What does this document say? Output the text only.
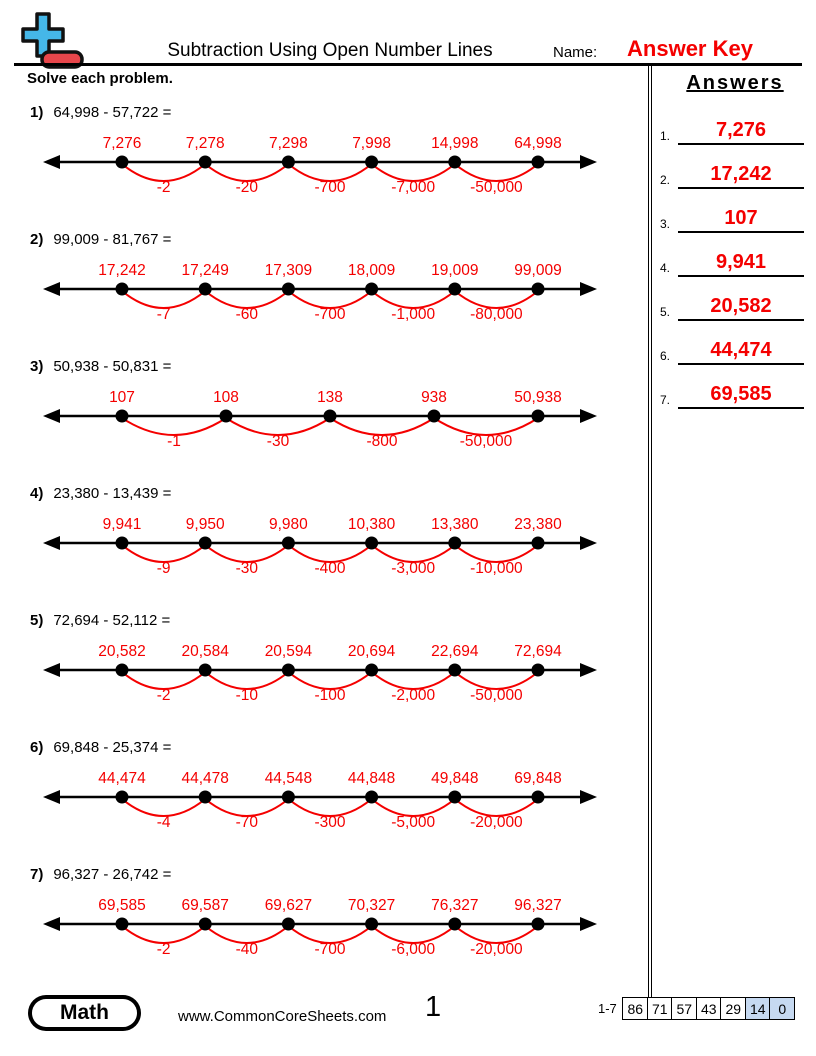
Subtraction Using Open Number Lines	Name:	Answer Key
Solve each problem.
1) 64,998 - 57,722 =
-2	-20	-700	-7,000 -50,000
7,276	7,278	7,298	7,998	14,998 64,998
2) 99,009 - 81,767 =
-7	-60	-700	-1,000 -80,000
17,242 17,249 17,309 18,009 19,009 99,009
3) 50,938 - 50,831 =
-1	-30	-800	-50,000
107	108	138	938	50,938
4) 23,380 - 13,439 =
-9	-30	-400	-3,000 -10,000
9,941	9,950	9,980	10,380 13,380 23,380
5) 72,694 - 52,112 =
-2	-10	-100	-2,000 -50,000
20,582 20,584 20,594 20,694 22,694 72,694
6) 69,848 - 25,374 =
-4	-70	-300	-5,000 -20,000
44,474 44,478 44,548 44,848 49,848 69,848
7) 96,327 - 26,742 =
-2	-40	-700	-6,000 -20,000
69,585 69,587 69,627 70,327 76,327 96,327
Answers
1.	7,276
2.	17,242
3.	107
4.	9,941
5.	20,582
6.	44,474
7.	69,585
Math	www.CommonCoreSheets.com 1	1-7 86 71 57 43 29 14 0
